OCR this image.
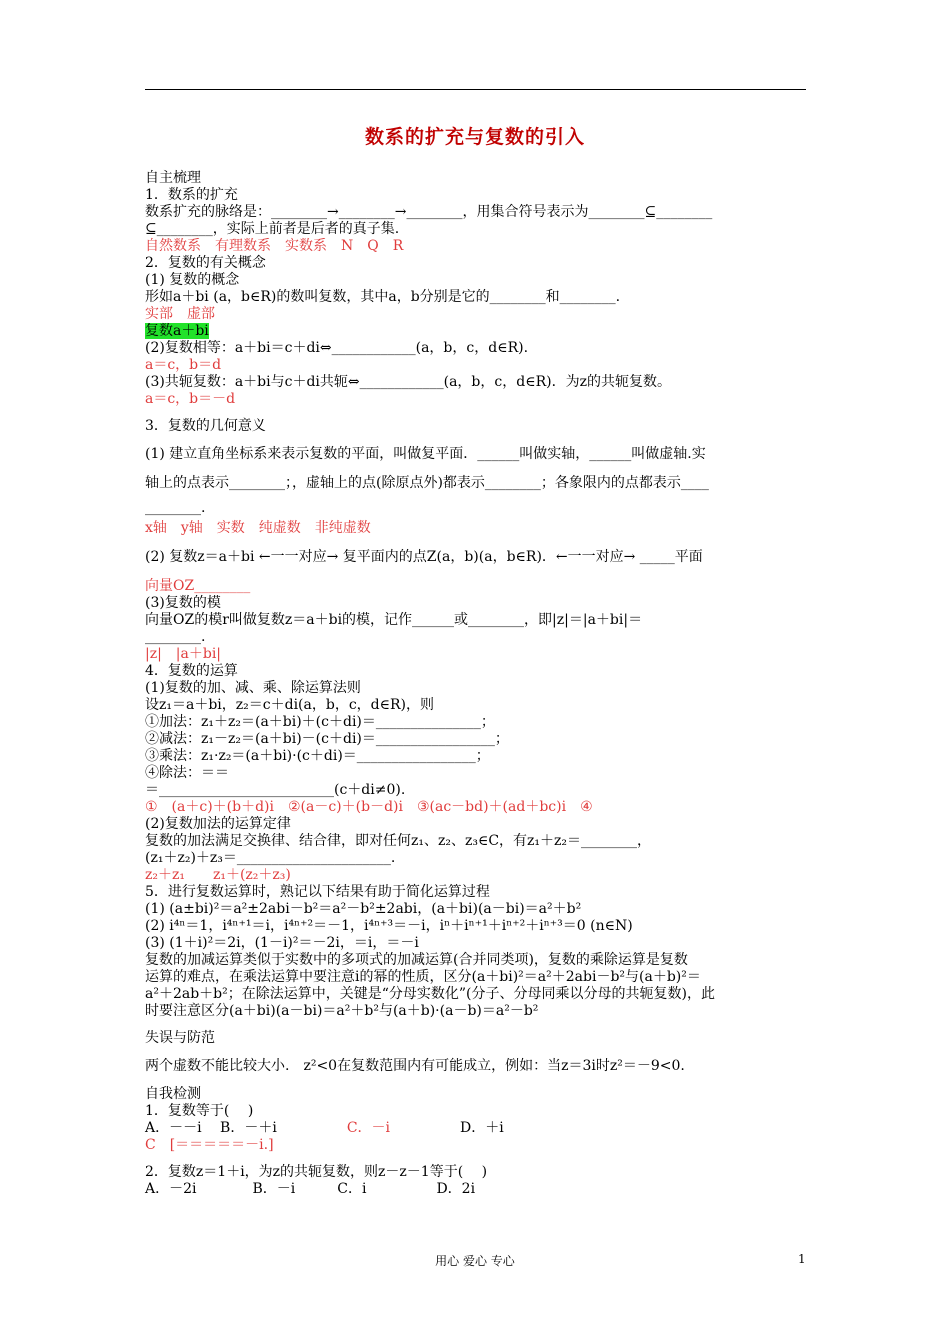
数系的扩充与复数的引入
自主梳理
1．数系的扩充
数系扩充的脉络是：________→________→________，用集合符号表示为________⊆________
⊆________，实际上前者是后者的真子集.
自然数系　有理数系　实数系　N　Q　R
2．复数的有关概念
(1) 复数的概念
形如a＋bi (a，b∈R)的数叫复数，其中a，b分别是它的________和________.
实部　虚部
复数a＋bi
(2)复数相等：a＋bi＝c＋di⇔____________(a，b，c，d∈R).
a＝c，b＝d
(3)共轭复数：a＋bi与c＋di共轭⇔____________(a，b，c，d∈R)．为z的共轭复数。
a＝c，b＝－d
3．复数的几何意义
(1) 建立直角坐标系来表示复数的平面，叫做复平面．______叫做实轴，______叫做虚轴.实
轴上的点表示________；，虚轴上的点(除原点外)都表示________；各象限内的点都表示____
________.
x轴　y轴　实数　纯虚数　非纯虚数
(2) 复数z＝a＋bi ←一一对应→ 复平面内的点Z(a，b)(a，b∈R)．←一一对应→ _____平面
向量OZ________
(3)复数的模
向量OZ的模r叫做复数z＝a＋bi的模，记作______或________，即|z|＝|a＋bi|＝
________.
|z|　|a＋bi|
4．复数的运算
(1)复数的加、减、乘、除运算法则
设z₁＝a＋bi，z₂＝c＋di(a，b，c，d∈R)，则
①加法：z₁＋z₂＝(a＋bi)＋(c＋di)＝_______________；
②减法：z₁－z₂＝(a＋bi)－(c＋di)＝_________________；
③乘法：z₁·z₂＝(a＋bi)·(c＋di)＝_________________；
④除法：＝＝
＝_________________________(c＋di≠0).
①　(a＋c)＋(b＋d)i　②(a－c)＋(b－d)i　③(ac－bd)＋(ad＋bc)i　④
(2)复数加法的运算定律
复数的加法满足交换律、结合律，即对任何z₁、z₂、z₃∈C，有z₁＋z₂＝________，
(z₁＋z₂)＋z₃＝______________________.
z₂＋z₁　　z₁＋(z₂＋z₃)
5．进行复数运算时，熟记以下结果有助于简化运算过程
(1) (a±bi)²＝a²±2abi－b²＝a²－b²±2abi，(a＋bi)(a－bi)＝a²＋b²
(2) i⁴ⁿ＝1，i⁴ⁿ⁺¹＝i，i⁴ⁿ⁺²＝－1，i⁴ⁿ⁺³＝－i，iⁿ＋iⁿ⁺¹＋iⁿ⁺²＋iⁿ⁺³＝0 (n∈N)
(3) (1＋i)²＝2i，(1－i)²＝－2i，＝i，＝－i
复数的加减运算类似于实数中的多项式的加减运算(合并同类项)，复数的乘除运算是复数
运算的难点，在乘法运算中要注意i的幂的性质，区分(a＋bi)²＝a²＋2abi－b²与(a＋b)²＝
a²＋2ab＋b²；在除法运算中，关键是“分母实数化”(分子、分母同乘以分母的共轭复数)，此
时要注意区分(a＋bi)(a－bi)＝a²＋b²与(a＋b)·(a－b)＝a²－b²
失误与防范
两个虚数不能比较大小.　z²<0在复数范围内有可能成立，例如：当z＝3i时z²＝－9<0.
自我检测
1．复数等于(　 )
A．－－i　 B．－＋i　　　　　C．－i　　　　　D．＋i
C　[＝＝＝＝＝－i.]
2．复数z＝1＋i，为z的共轭复数，则z－z－1等于(　 )
A．－2i　　　　B．－i　　　C．i　　　　　D．2i
用心 爱心 专心	1
